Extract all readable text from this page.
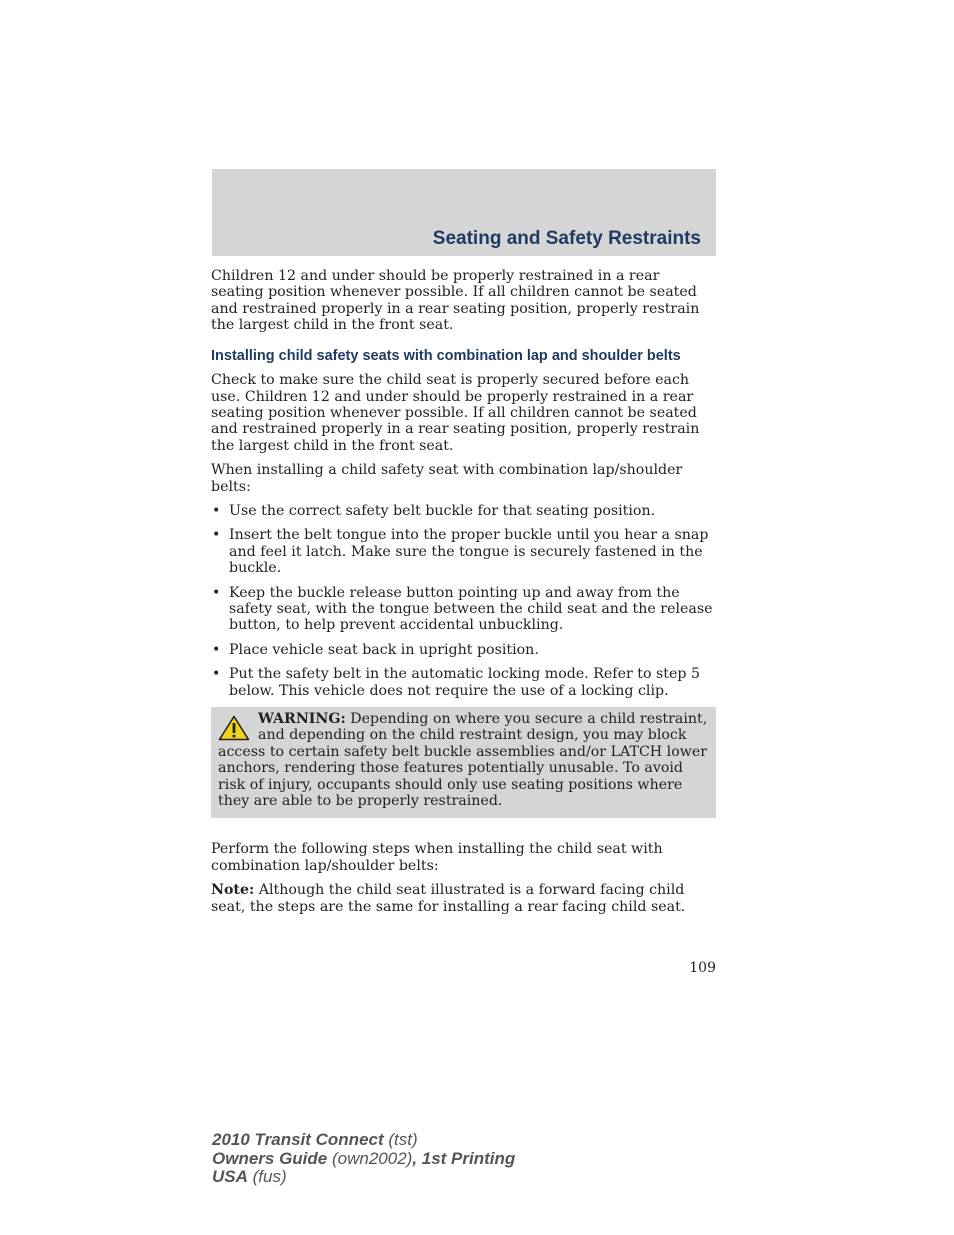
Seating and Safety Restraints

Children 12 and under should be properly restrained in a rear seating position whenever possible. If all children cannot be seated and restrained properly in a rear seating position, properly restrain the largest child in the front seat.

Installing child safety seats with combination lap and shoulder belts

Check to make sure the child seat is properly secured before each use. Children 12 and under should be properly restrained in a rear seating position whenever possible. If all children cannot be seated and restrained properly in a rear seating position, properly restrain the largest child in the front seat.

When installing a child safety seat with combination lap/shoulder belts:

• Use the correct safety belt buckle for that seating position.
• Insert the belt tongue into the proper buckle until you hear a snap and feel it latch. Make sure the tongue is securely fastened in the buckle.
• Keep the buckle release button pointing up and away from the safety seat, with the tongue between the child seat and the release button, to help prevent accidental unbuckling.
• Place vehicle seat back in upright position.
• Put the safety belt in the automatic locking mode. Refer to step 5 below. This vehicle does not require the use of a locking clip.
WARNING: Depending on where you secure a child restraint, and depending on the child restraint design, you may block access to certain safety belt buckle assemblies and/or LATCH lower anchors, rendering those features potentially unusable. To avoid risk of injury, occupants should only use seating positions where they are able to be properly restrained.

Perform the following steps when installing the child seat with combination lap/shoulder belts:

Note: Although the child seat illustrated is a forward facing child seat, the steps are the same for installing a rear facing child seat.

109
2010 Transit Connect (tst)
Owners Guide (own2002), 1st Printing
USA (fus)
